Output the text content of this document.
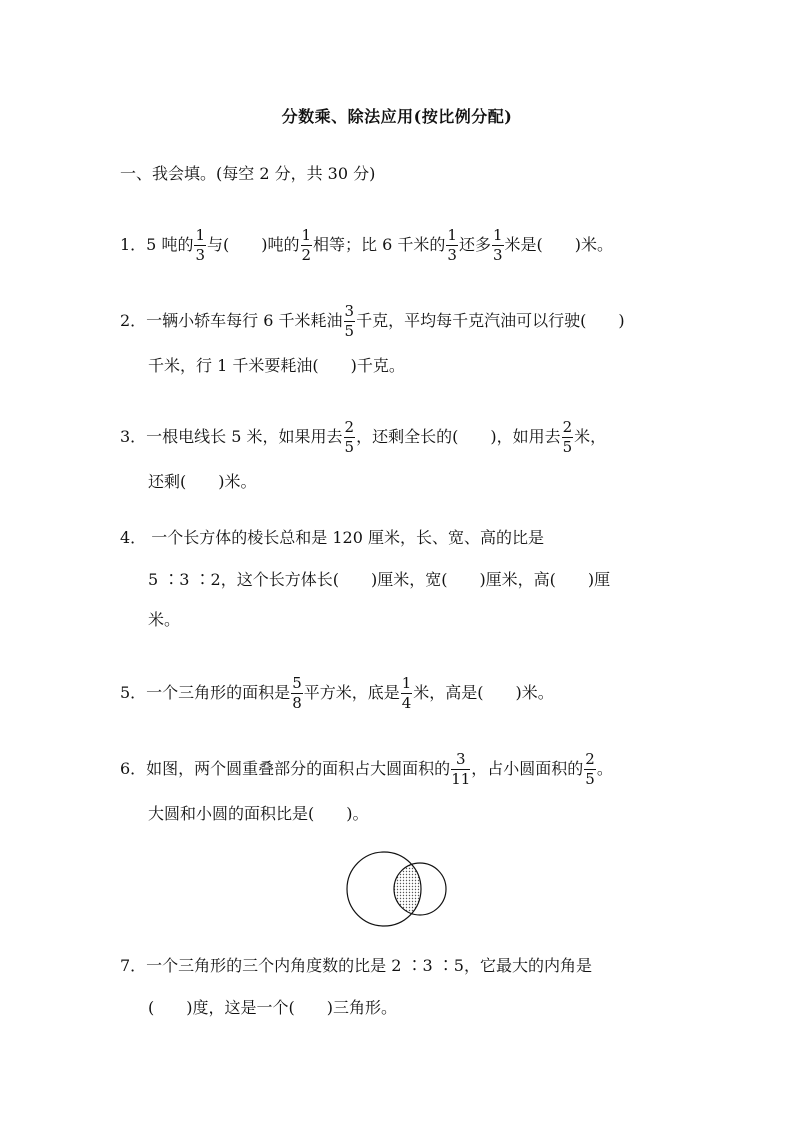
分数乘、除法应用(按比例分配)
一、我会填。(每空 2 分，共 30 分)
1．5 吨的 $\frac{1}{3}$ 与(　　)吨的 $\frac{1}{2}$ 相等；比 6 千米的 $\frac{1}{3}$ 还多 $\frac{1}{3}$ 米是(　　)米。
2．一辆小轿车每行 6 千米耗油 $\frac{3}{5}$ 千克，平均每千克汽油可以行驶(　　)
千米，行 1 千米要耗油(　　)千克。
3．一根电线长 5 米，如果用去 $\frac{2}{5}$ ，还剩全长的(　　)，如用去 $\frac{2}{5}$ 米，
还剩(　　)米。
4． 一个长方体的棱长总和是 120 厘米，长、宽、高的比是
5 ∶3 ∶2，这个长方体长(　　)厘米，宽(　　)厘米，高(　　)厘
米。
5．一个三角形的面积是 $\frac{5}{8}$ 平方米，底是 $\frac{1}{4}$ 米，高是(　　)米。
6．如图，两个圆重叠部分的面积占大圆面积的 $\frac{3}{11}$ ，占小圆面积的 $\frac{2}{5}$ 。
大圆和小圆的面积比是(　　)。
7．一个三角形的三个内角度数的比是 2 ∶3 ∶5，它最大的内角是
(　　)度，这是一个(　　)三角形。
